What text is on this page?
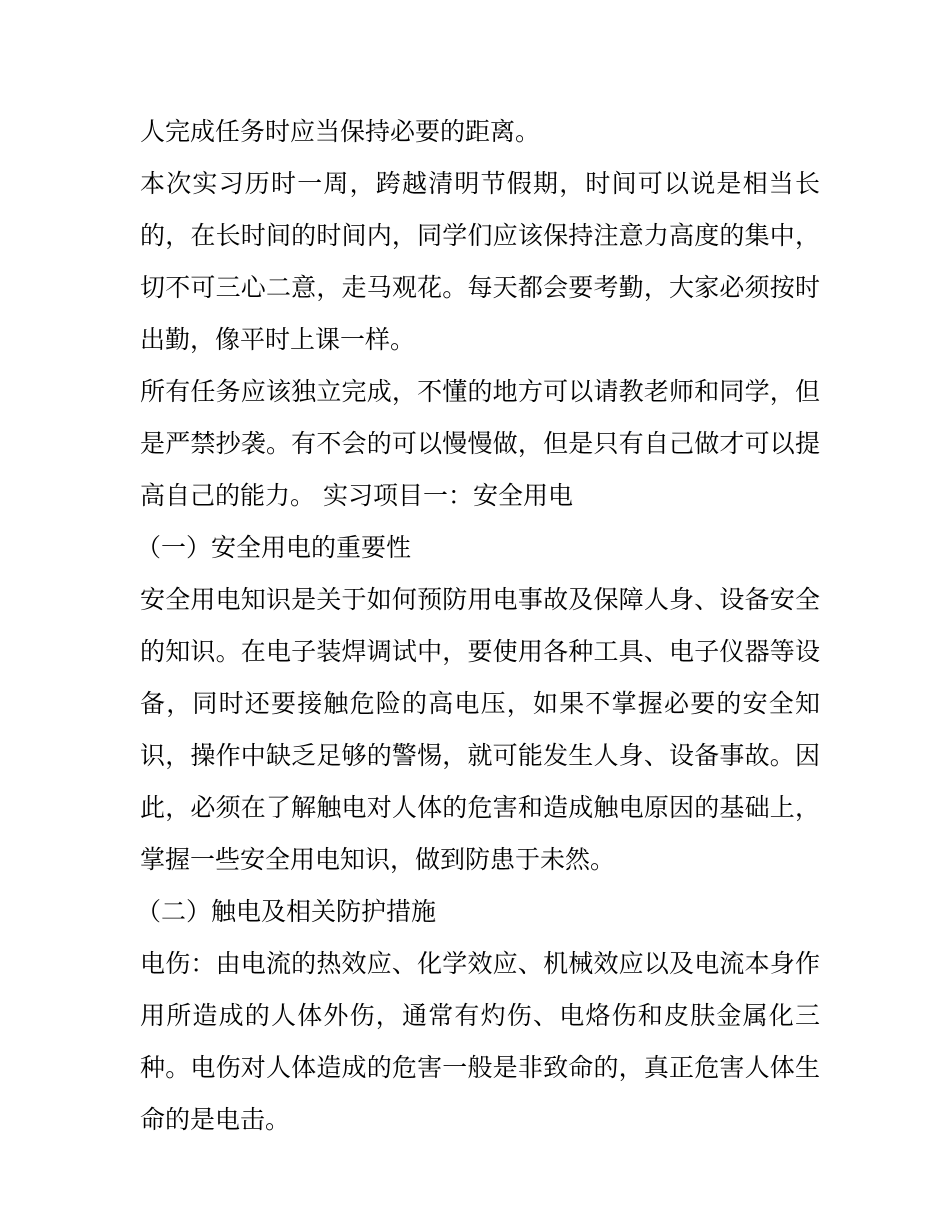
人完成任务时应当保持必要的距离。
本次实习历时一周，跨越清明节假期，时间可以说是相当长
的，在长时间的时间内，同学们应该保持注意力高度的集中，
切不可三心二意，走马观花。每天都会要考勤，大家必须按时
出勤，像平时上课一样。
所有任务应该独立完成，不懂的地方可以请教老师和同学，但
是严禁抄袭。有不会的可以慢慢做，但是只有自己做才可以提
高自己的能力。 实习项目一：安全用电
（一）安全用电的重要性
安全用电知识是关于如何预防用电事故及保障人身、设备安全
的知识。在电子装焊调试中，要使用各种工具、电子仪器等设
备，同时还要接触危险的高电压，如果不掌握必要的安全知
识，操作中缺乏足够的警惕，就可能发生人身、设备事故。因
此，必须在了解触电对人体的危害和造成触电原因的基础上，
掌握一些安全用电知识，做到防患于未然。
（二）触电及相关防护措施
电伤：由电流的热效应、化学效应、机械效应以及电流本身作
用所造成的人体外伤，通常有灼伤、电烙伤和皮肤金属化三
种。电伤对人体造成的危害一般是非致命的，真正危害人体生
命的是电击。
